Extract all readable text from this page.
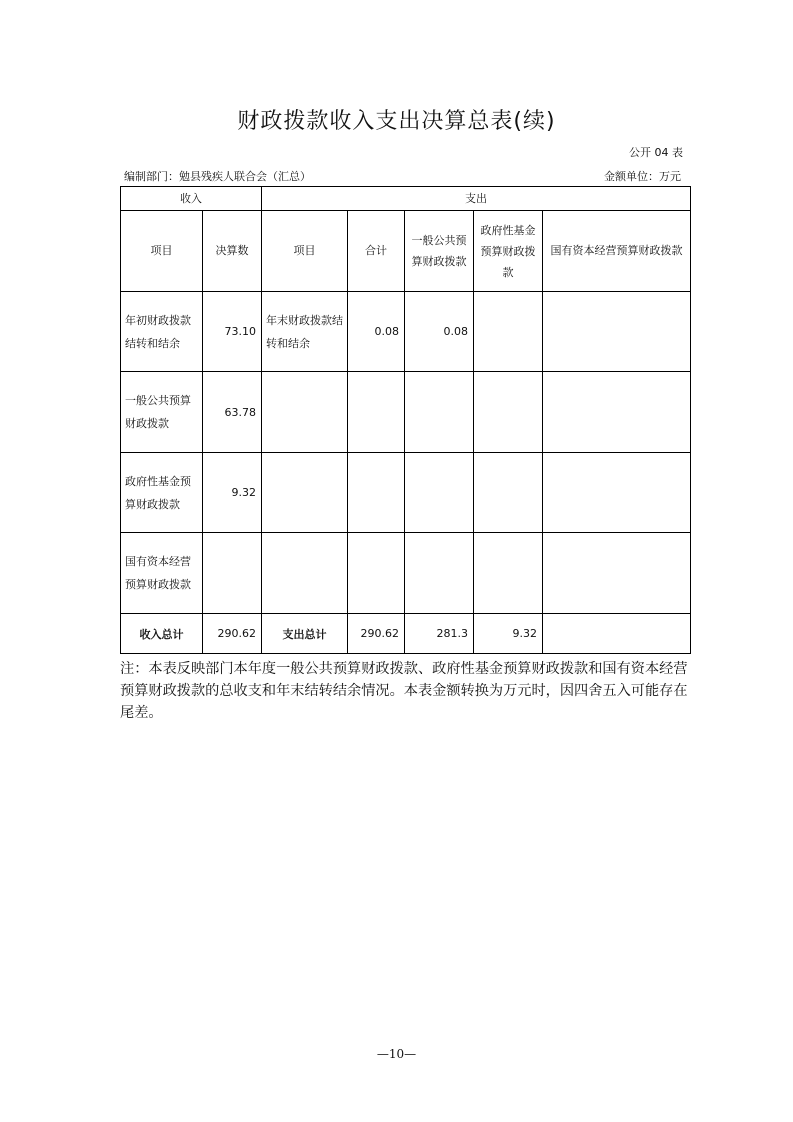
财政拨款收入支出决算总表(续)
公开 04 表
编制部门：勉县残疾人联合会（汇总）	金额单位：万元
收入		支出				
项目	决算数	项目	合计	一般公共预算财政拨款	政府性基金预算财政拨款	国有资本经营预算财政拨款
年初财政拨款结转和结余	73.10	年末财政拨款结转和结余	0.08	0.08		
一般公共预算财政拨款	63.78					
政府性基金预算财政拨款	9.32					
国有资本经营预算财政拨款						
收入总计	290.62	支出总计	290.62	281.3	9.32	
注：本表反映部门本年度一般公共预算财政拨款、政府性基金预算财政拨款和国有资本经营预算财政拨款的总收支和年末结转结余情况。本表金额转换为万元时，因四舍五入可能存在尾差。
—10—
